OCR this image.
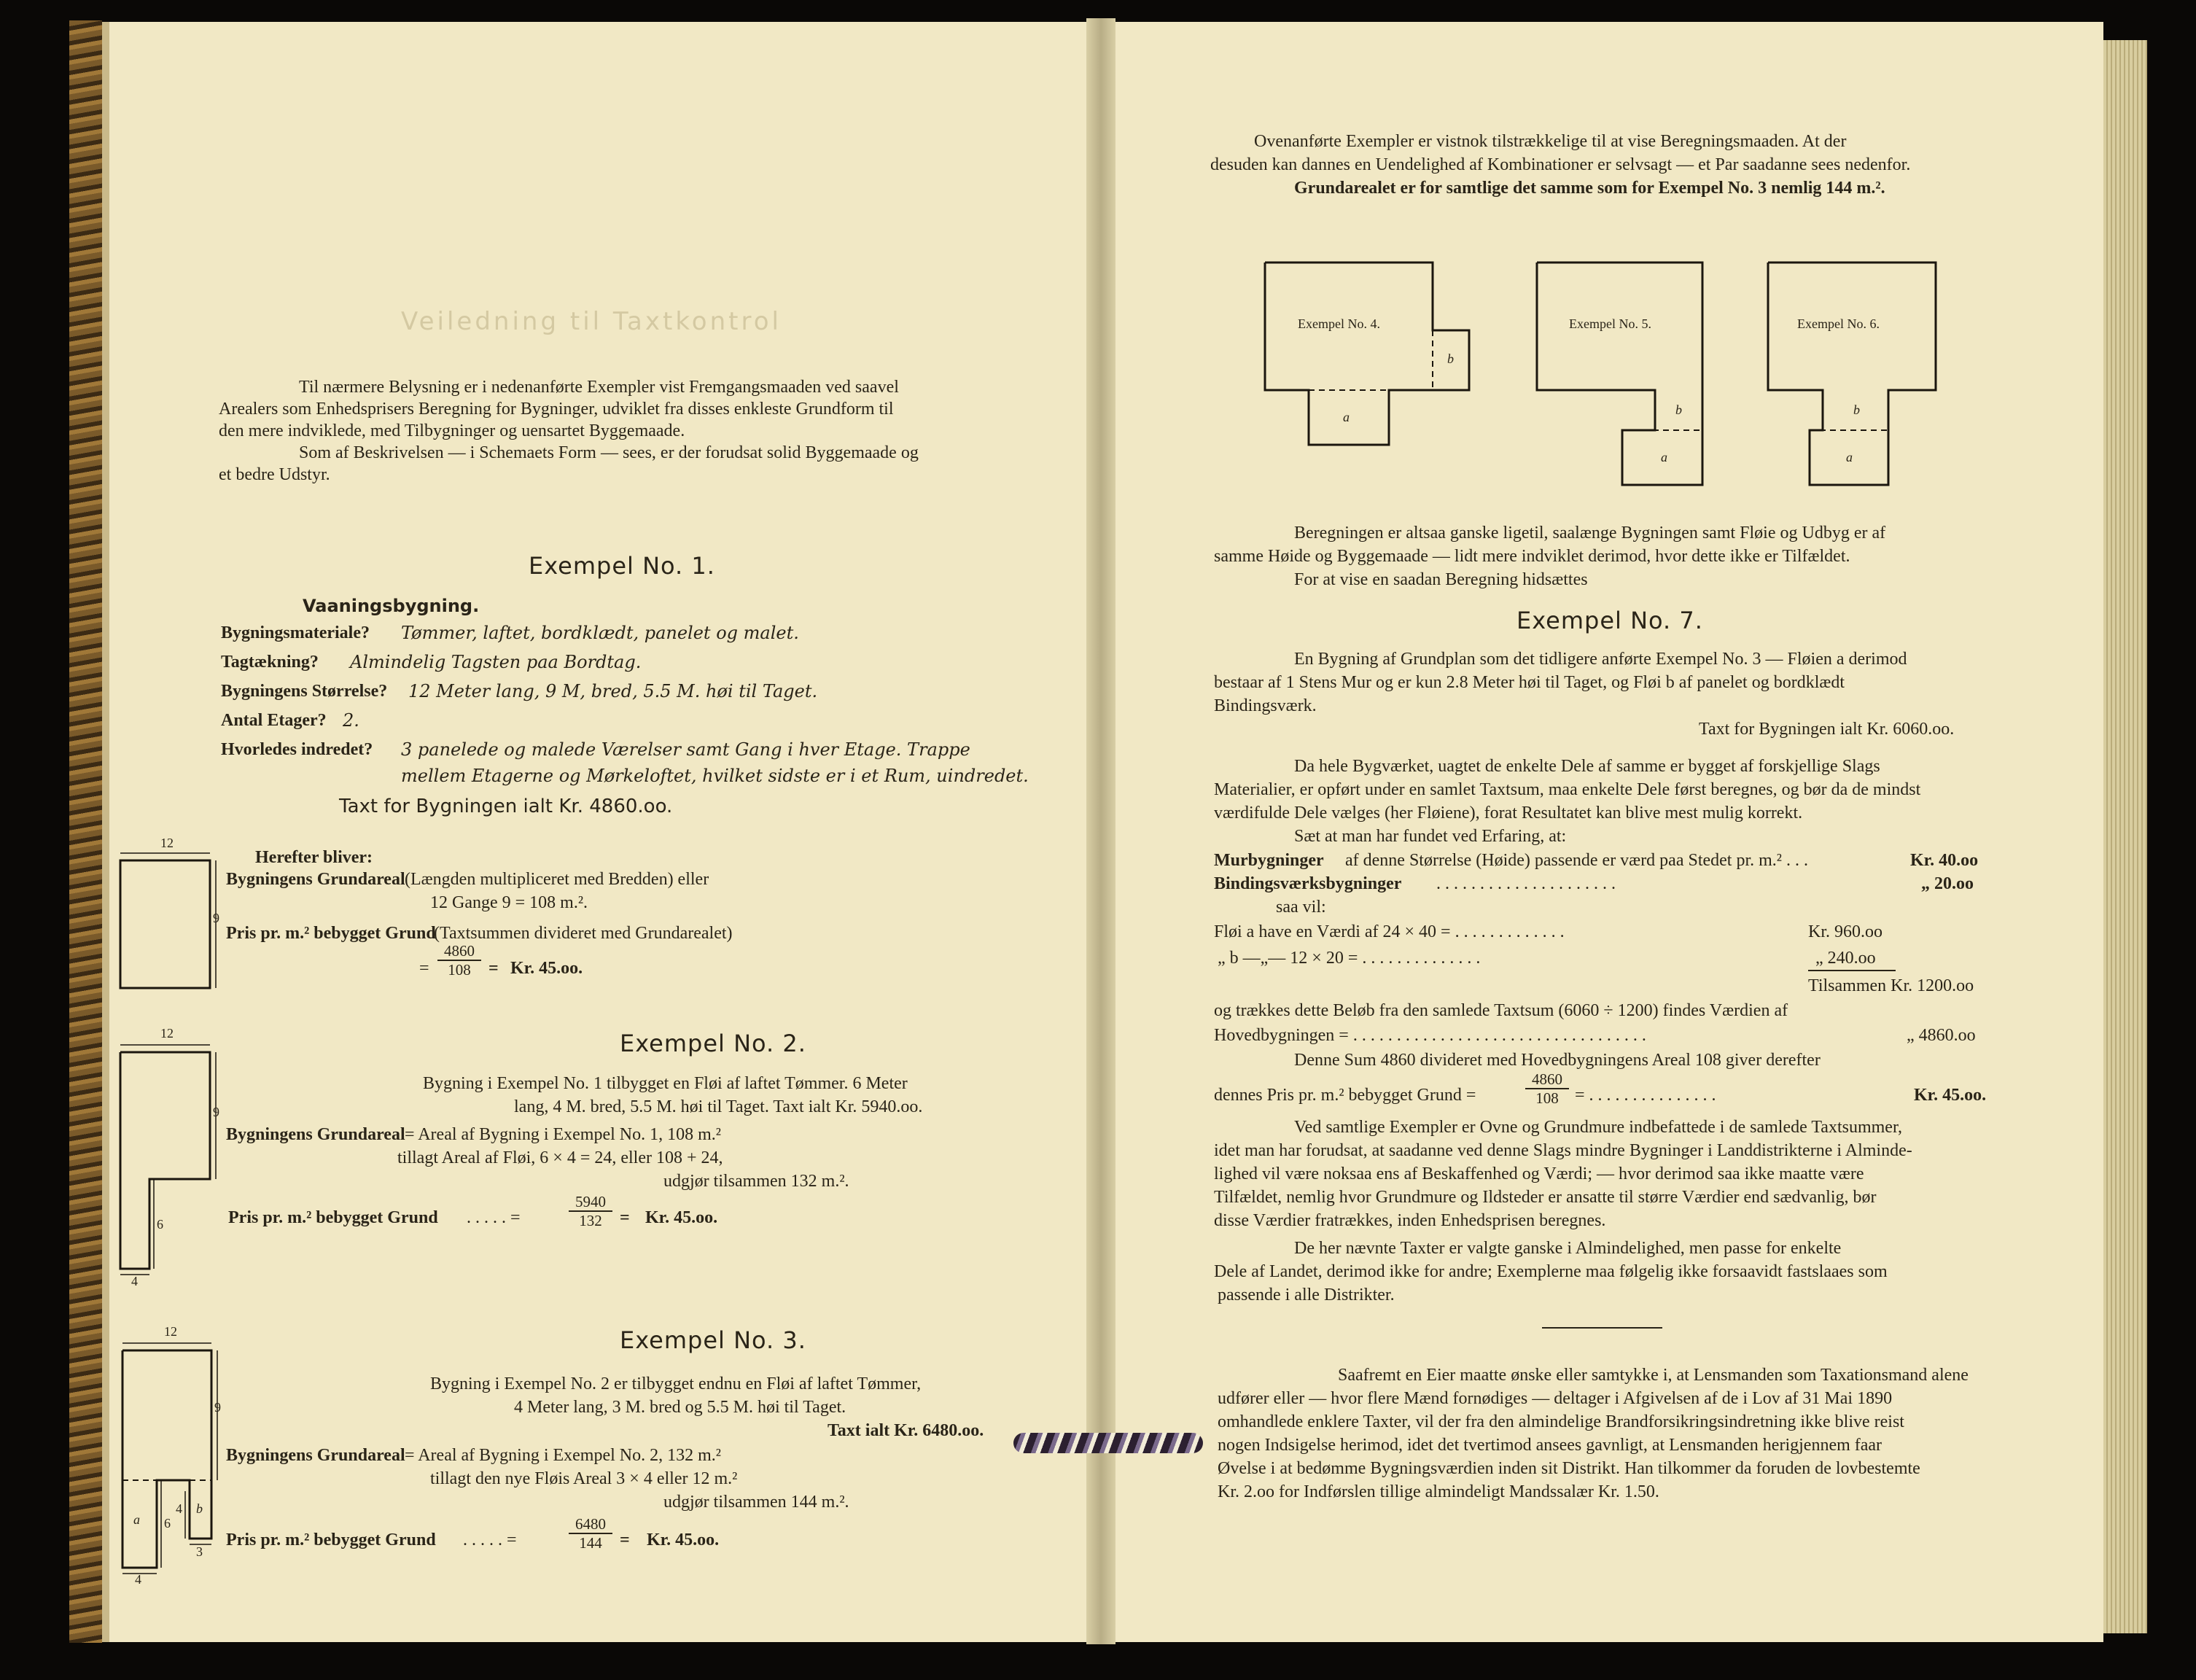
Veiledning til Taxtkontrol
Til nærmere Belysning er i nedenanførte Exempler vist Fremgangsmaaden ved saavel
Arealers som Enhedsprisers Beregning for Bygninger, udviklet fra disses enkleste Grundform til
den mere indviklede, med Tilbygninger og uensartet Byggemaade.
Som af Beskrivelsen — i Schemaets Form — sees, er der forudsat solid Byggemaade og
et bedre Udstyr.
Exempel No. 1.
Vaaningsbygning.
Bygningsmateriale? Tømmer, laftet, bordklædt, panelet og malet.
Tagtækning? Almindelig Tagsten paa Bordtag.
Bygningens Størrelse? 12 Meter lang, 9 M, bred, 5.5 M. høi til Taget.
Antal Etager? 2.
Hvorledes indredet? 3 panelede og malede Værelser samt Gang i hver Etage. Trappe
mellem Etagerne og Mørkeloftet, hvilket sidste er i et Rum, uindredet.
Taxt for Bygningen ialt Kr. 4860.oo.
12
9
Herefter bliver:
Bygningens Grundareal (Længden multipliceret med Bredden) eller
12 Gange 9 = 108 m.².
Pris pr. m.² bebygget Grund
(Taxtsummen divideret med Grundarealet)
= $\frac{4860}{108} = Kr$. 45.oo.
Exempel No. 2.
12
9
6
4
Bygning i Exempel No. 1 tilbygget en Fløi af laftet Tømmer. 6 Meter
lang, 4 M. bred, 5.5 M. høi til Taget. Taxt ialt Kr. 5940.oo.
Bygningens Grundareal = Areal af Bygning i Exempel No. 1, 108 m.²
tillagt Areal af Fløi, 6 × 4 = 24, eller 108 + 24,
udgjør tilsammen 132 m.².
Pris pr. m.² bebygget Grund . . . . . =	$\frac{5940}{132} = Kr$. 45.oo.
Exempel No. 3.
12
9
a
b
6
4
4
3
Bygning i Exempel No. 2 er tilbygget endnu en Fløi af laftet Tømmer,
4 Meter lang, 3 M. bred og 5.5 M. høi til Taget.
Taxt ialt Kr. 6480.oo.
Bygningens Grundareal = Areal af Bygning i Exempel No. 2, 132 m.²
tillagt den nye Fløis Areal 3 × 4 eller 12 m.²
udgjør tilsammen 144 m.².
Pris pr. m.² bebygget Grund . . . . . =	$\frac{6480}{144} = Kr$. 45.oo.
Ovenanførte Exempler er vistnok tilstrækkelige til at vise Beregningsmaaden. At der
desuden kan dannes en Uendelighed af Kombinationer er selvsagt — et Par saadanne sees nedenfor.
Grundarealet er for samtlige det samme som for Exempel No. 3 nemlig 144 m.².
Exempel No. 4.
b
a
Exempel No. 5.
b
a
Exempel No. 6.
b
a
Beregningen er altsaa ganske ligetil, saalænge Bygningen samt Fløie og Udbyg er af
samme Høide og Byggemaade — lidt mere indviklet derimod, hvor dette ikke er Tilfældet.
For at vise en saadan Beregning hidsættes
Exempel No. 7.
En Bygning af Grundplan som det tidligere anførte Exempel No. 3 — Fløien a derimod
bestaar af 1 Stens Mur og er kun 2.8 Meter høi til Taget, og Fløi b af panelet og bordklædt
Bindingsværk.
Taxt for Bygningen ialt Kr. 6060.oo.
Da hele Bygværket, uagtet de enkelte Dele af samme er bygget af forskjellige Slags
Materialier, er opført under en samlet Taxtsum, maa enkelte Dele først beregnes, og bør da de mindst
værdifulde Dele vælges (her Fløiene), forat Resultatet kan blive mest mulig korrekt.
Sæt at man har fundet ved Erfaring, at:
Murbygninger af denne Størrelse (Høide) passende er værd paa Stedet pr. m.² . . .	Kr. 40.oo
Bindingsværksbygninger . . . . . . . . . . . . . . . . . . . . .	„ 20.oo
saa vil:
Fløi a have en Værdi af 24 × 40 = . . . . . . . . . . . . .	Kr. 960.oo
„ b —„— 12 × 20 = . . . . . . . . . . . . . .	„ 240.oo
Tilsammen Kr. 1200.oo
og trækkes dette Beløb fra den samlede Taxtsum (6060 ÷ 1200) findes Værdien af
Hovedbygningen = . . . . . . . . . . . . . . . . . . . . . . . . . . . . . . . . . .	„ 4860.oo
Denne Sum 4860 divideret med Hovedbygningens Areal 108 giver derefter
dennes Pris pr. m.² bebygget Grund =	$\frac{4860}{108}$ = . . . . . . . . . . . . . . .	Kr. 45.oo.
Ved samtlige Exempler er Ovne og Grundmure indbefattede i de samlede Taxtsummer,
idet man har forudsat, at saadanne ved denne Slags mindre Bygninger i Landdistrikterne i Alminde-
lighed vil være noksaa ens af Beskaffenhed og Værdi; — hvor derimod saa ikke maatte være
Tilfældet, nemlig hvor Grundmure og Ildsteder er ansatte til større Værdier end sædvanlig, bør
disse Værdier fratrækkes, inden Enhedsprisen beregnes.
De her nævnte Taxter er valgte ganske i Almindelighed, men passe for enkelte
Dele af Landet, derimod ikke for andre; Exemplerne maa følgelig ikke forsaavidt fastslaaes som
passende i alle Distrikter.
Saafremt en Eier maatte ønske eller samtykke i, at Lensmanden som Taxationsmand alene
udfører eller — hvor flere Mænd fornødiges — deltager i Afgivelsen af de i Lov af 31 Mai 1890
omhandlede enklere Taxter, vil der fra den almindelige Brandforsikringsindretning ikke blive reist
nogen Indsigelse herimod, idet det tvertimod ansees gavnligt, at Lensmanden herigjennem faar
Øvelse i at bedømme Bygningsværdien inden sit Distrikt. Han tilkommer da foruden de lovbestemte
Kr. 2.oo for Indførslen tillige almindeligt Mandssalær Kr. 1.50.
